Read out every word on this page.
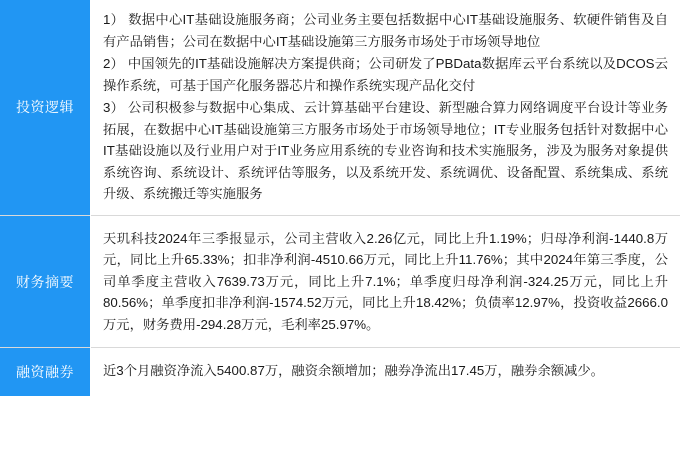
投资逻辑	1） 数据中心IT基础设施服务商；公司业务主要包括数据中心IT基础设施服务、软硬件销售及自有产品销售；公司在数据中心IT基础设施第三方服务市场处于市场领导地位

2） 中国领先的IT基础设施解决方案提供商；公司研发了PBData数据库云平台系统以及DCOS云操作系统，可基于国产化服务器芯片和操作系统实现产品化交付

3） 公司积极参与数据中心集成、云计算基础平台建设、新型融合算力网络调度平台设计等业务拓展，在数据中心IT基础设施第三方服务市场处于市场领导地位；IT专业服务包括针对数据中心IT基础设施以及行业用户对于IT业务应用系统的专业咨询和技术实施服务，涉及为服务对象提供系统咨询、系统设计、系统评估等服务，以及系统开发、系统调优、设备配置、系统集成、系统升级、系统搬迁等实施服务

财务摘要	天玑科技2024年三季报显示，公司主营收入2.26亿元，同比上升1.19%；归母净利润-1440.8万元，同比上升65.33%；扣非净利润-4510.66万元，同比上升11.76%；其中2024年第三季度，公司单季度主营收入7639.73万元，同比上升7.1%；单季度归母净利润-324.25万元，同比上升80.56%；单季度扣非净利润-1574.52万元，同比上升18.42%；负债率12.97%，投资收益2666.0万元，财务费用-294.28万元，毛利率25.97%。

融资融券	近3个月融资净流入5400.87万，融资余额增加；融券净流出17.45万，融券余额减少。
